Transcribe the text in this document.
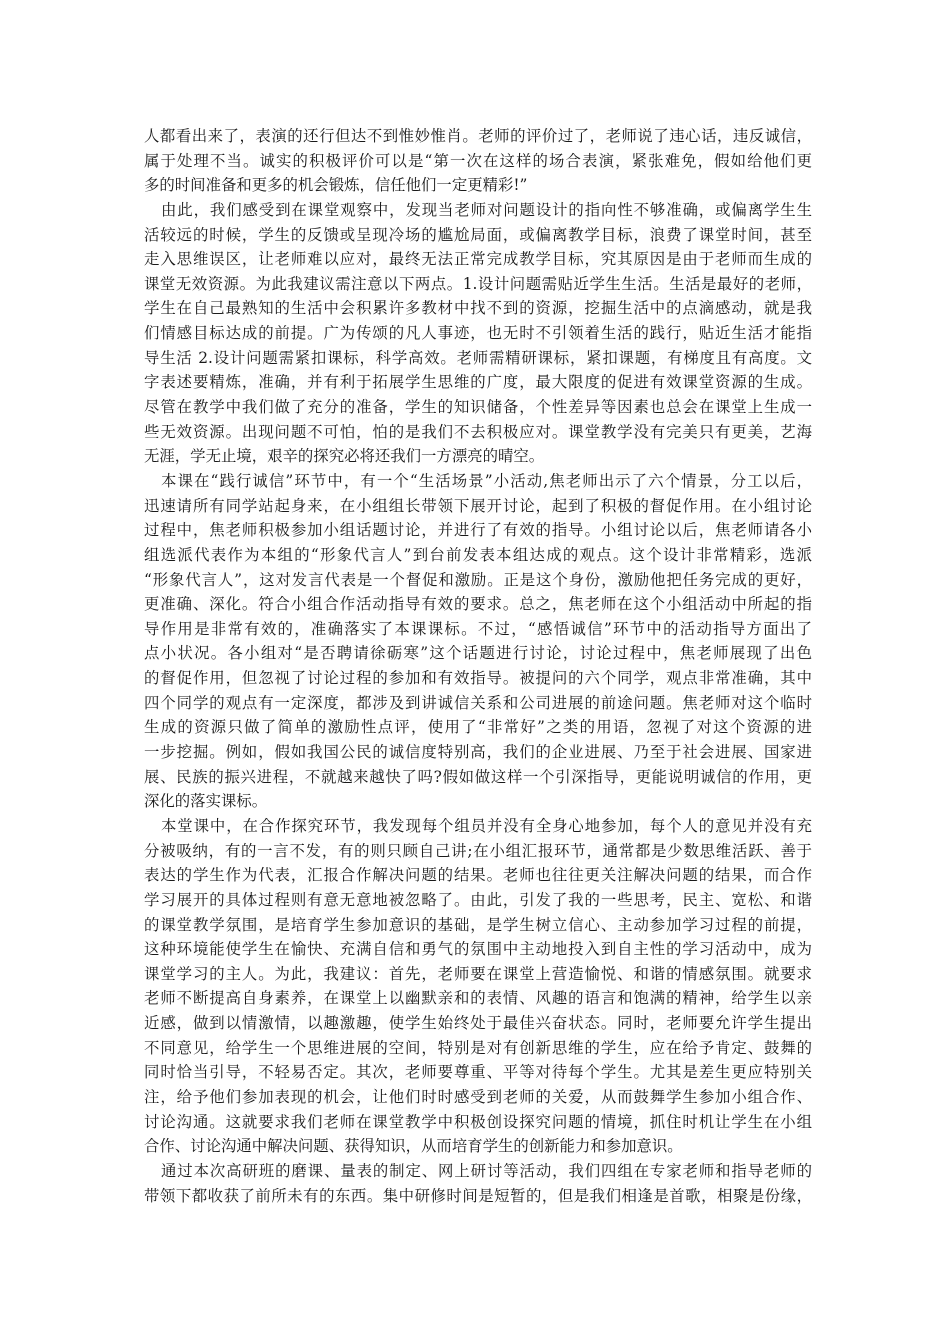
人都看出来了，表演的还行但达不到惟妙惟肖。老师的评价过了，老师说了违心话，违反诚信，
属于处理不当。诚实的积极评价可以是“第一次在这样的场合表演，紧张难免，假如给他们更
多的时间准备和更多的机会锻炼，信任他们一定更精彩!”
由此，我们感受到在课堂观察中，发现当老师对问题设计的指向性不够准确，或偏离学生生
活较远的时候，学生的反馈或呈现冷场的尴尬局面，或偏离教学目标，浪费了课堂时间，甚至
走入思维误区，让老师难以应对，最终无法正常完成教学目标，究其原因是由于老师而生成的
课堂无效资源。为此我建议需注意以下两点。1.设计问题需贴近学生生活。生活是最好的老师，
学生在自己最熟知的生活中会积累许多教材中找不到的资源，挖掘生活中的点滴感动，就是我
们情感目标达成的前提。广为传颂的凡人事迹，也无时不引领着生活的践行，贴近生活才能指
导生活 2.设计问题需紧扣课标，科学高效。老师需精研课标，紧扣课题，有梯度且有高度。文
字表述要精炼，准确，并有利于拓展学生思维的广度，最大限度的促进有效课堂资源的生成。
尽管在教学中我们做了充分的准备，学生的知识储备，个性差异等因素也总会在课堂上生成一
些无效资源。出现问题不可怕，怕的是我们不去积极应对。课堂教学没有完美只有更美，艺海
无涯，学无止境，艰辛的探究必将还我们一方漂亮的晴空。
本课在“践行诚信”环节中，有一个“生活场景”小活动,焦老师出示了六个情景，分工以后，
迅速请所有同学站起身来，在小组组长带领下展开讨论，起到了积极的督促作用。在小组讨论
过程中，焦老师积极参加小组话题讨论，并进行了有效的指导。小组讨论以后，焦老师请各小
组选派代表作为本组的“形象代言人”到台前发表本组达成的观点。这个设计非常精彩，选派
“形象代言人”，这对发言代表是一个督促和激励。正是这个身份，激励他把任务完成的更好，
更准确、深化。符合小组合作活动指导有效的要求。总之，焦老师在这个小组活动中所起的指
导作用是非常有效的，准确落实了本课课标。不过，“感悟诚信”环节中的活动指导方面出了
点小状况。各小组对“是否聘请徐砺寒”这个话题进行讨论，讨论过程中，焦老师展现了出色
的督促作用，但忽视了讨论过程的参加和有效指导。被提问的六个同学，观点非常准确，其中
四个同学的观点有一定深度，都涉及到讲诚信关系和公司进展的前途问题。焦老师对这个临时
生成的资源只做了简单的激励性点评，使用了“非常好”之类的用语，忽视了对这个资源的进
一步挖掘。例如，假如我国公民的诚信度特别高，我们的企业进展、乃至于社会进展、国家进
展、民族的振兴进程，不就越来越快了吗?假如做这样一个引深指导，更能说明诚信的作用，更
深化的落实课标。
本堂课中，在合作探究环节，我发现每个组员并没有全身心地参加，每个人的意见并没有充
分被吸纳，有的一言不发，有的则只顾自己讲;在小组汇报环节，通常都是少数思维活跃、善于
表达的学生作为代表，汇报合作解决问题的结果。老师也往往更关注解决问题的结果，而合作
学习展开的具体过程则有意无意地被忽略了。由此，引发了我的一些思考，民主、宽松、和谐
的课堂教学氛围，是培育学生参加意识的基础，是学生树立信心、主动参加学习过程的前提，
这种环境能使学生在愉快、充满自信和勇气的氛围中主动地投入到自主性的学习活动中，成为
课堂学习的主人。为此，我建议：首先，老师要在课堂上营造愉悦、和谐的情感氛围。就要求
老师不断提高自身素养，在课堂上以幽默亲和的表情、风趣的语言和饱满的精神，给学生以亲
近感，做到以情激情，以趣激趣，使学生始终处于最佳兴奋状态。同时，老师要允许学生提出
不同意见，给学生一个思维进展的空间，特别是对有创新思维的学生，应在给予肯定、鼓舞的
同时恰当引导，不轻易否定。其次，老师要尊重、平等对待每个学生。尤其是差生更应特别关
注，给予他们参加表现的机会，让他们时时感受到老师的关爱，从而鼓舞学生参加小组合作、
讨论沟通。这就要求我们老师在课堂教学中积极创设探究问题的情境，抓住时机让学生在小组
合作、讨论沟通中解决问题、获得知识，从而培育学生的创新能力和参加意识。
通过本次高研班的磨课、量表的制定、网上研讨等活动，我们四组在专家老师和指导老师的
带领下都收获了前所未有的东西。集中研修时间是短暂的，但是我们相逢是首歌，相聚是份缘，
